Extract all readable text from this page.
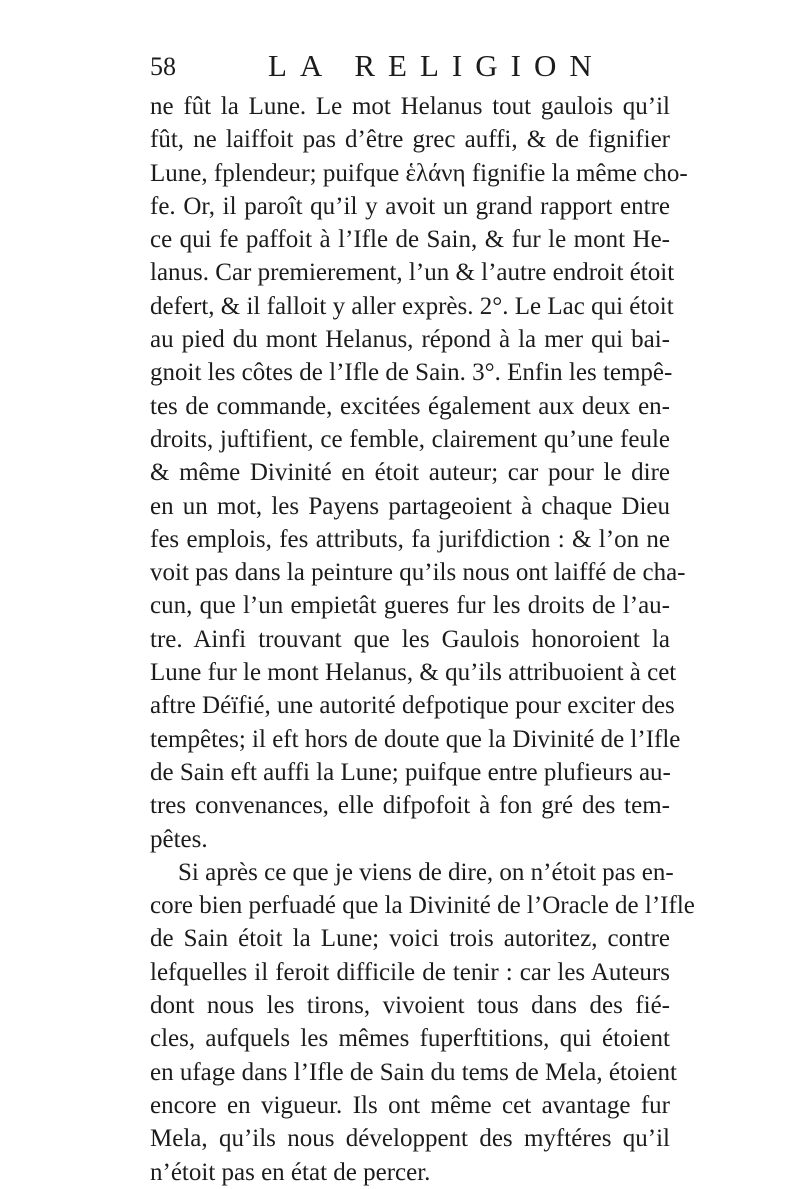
58	LA RELIGION
ne fût la Lune. Le mot Helanus tout gaulois qu’il
fût, ne laiffoit pas d’être grec auffi, & de fignifier
Lune, fplendeur; puifque ἑλάνη fignifie la même cho-
fe. Or, il paroît qu’il y avoit un grand rapport entre
ce qui fe paffoit à l’Ifle de Sain, & fur le mont He-
lanus. Car premierement, l’un & l’autre endroit étoit
defert, & il falloit y aller exprès. 2°. Le Lac qui étoit
au pied du mont Helanus, répond à la mer qui bai-
gnoit les côtes de l’Ifle de Sain. 3°. Enfin les tempê-
tes de commande, excitées également aux deux en-
droits, juftifient, ce femble, clairement qu’une feule
& même Divinité en étoit auteur; car pour le dire
en un mot, les Payens partageoient à chaque Dieu
fes emplois, fes attributs, fa jurifdiction : & l’on ne
voit pas dans la peinture qu’ils nous ont laiffé de cha-
cun, que l’un empietât gueres fur les droits de l’au-
tre. Ainfi trouvant que les Gaulois honoroient la
Lune fur le mont Helanus, & qu’ils attribuoient à cet
aftre Déïfié, une autorité defpotique pour exciter des
tempêtes; il eft hors de doute que la Divinité de l’Ifle
de Sain eft auffi la Lune; puifque entre plufieurs au-
tres convenances, elle difpofoit à fon gré des tem-
pêtes.
Si après ce que je viens de dire, on n’étoit pas en-
core bien perfuadé que la Divinité de l’Oracle de l’Ifle
de Sain étoit la Lune; voici trois autoritez, contre
lefquelles il feroit difficile de tenir : car les Auteurs
dont nous les tirons, vivoient tous dans des fié-
cles, aufquels les mêmes fuperftitions, qui étoient
en ufage dans l’Ifle de Sain du tems de Mela, étoient
encore en vigueur. Ils ont même cet avantage fur
Mela, qu’ils nous développent des myftéres qu’il
n’étoit pas en état de percer.
